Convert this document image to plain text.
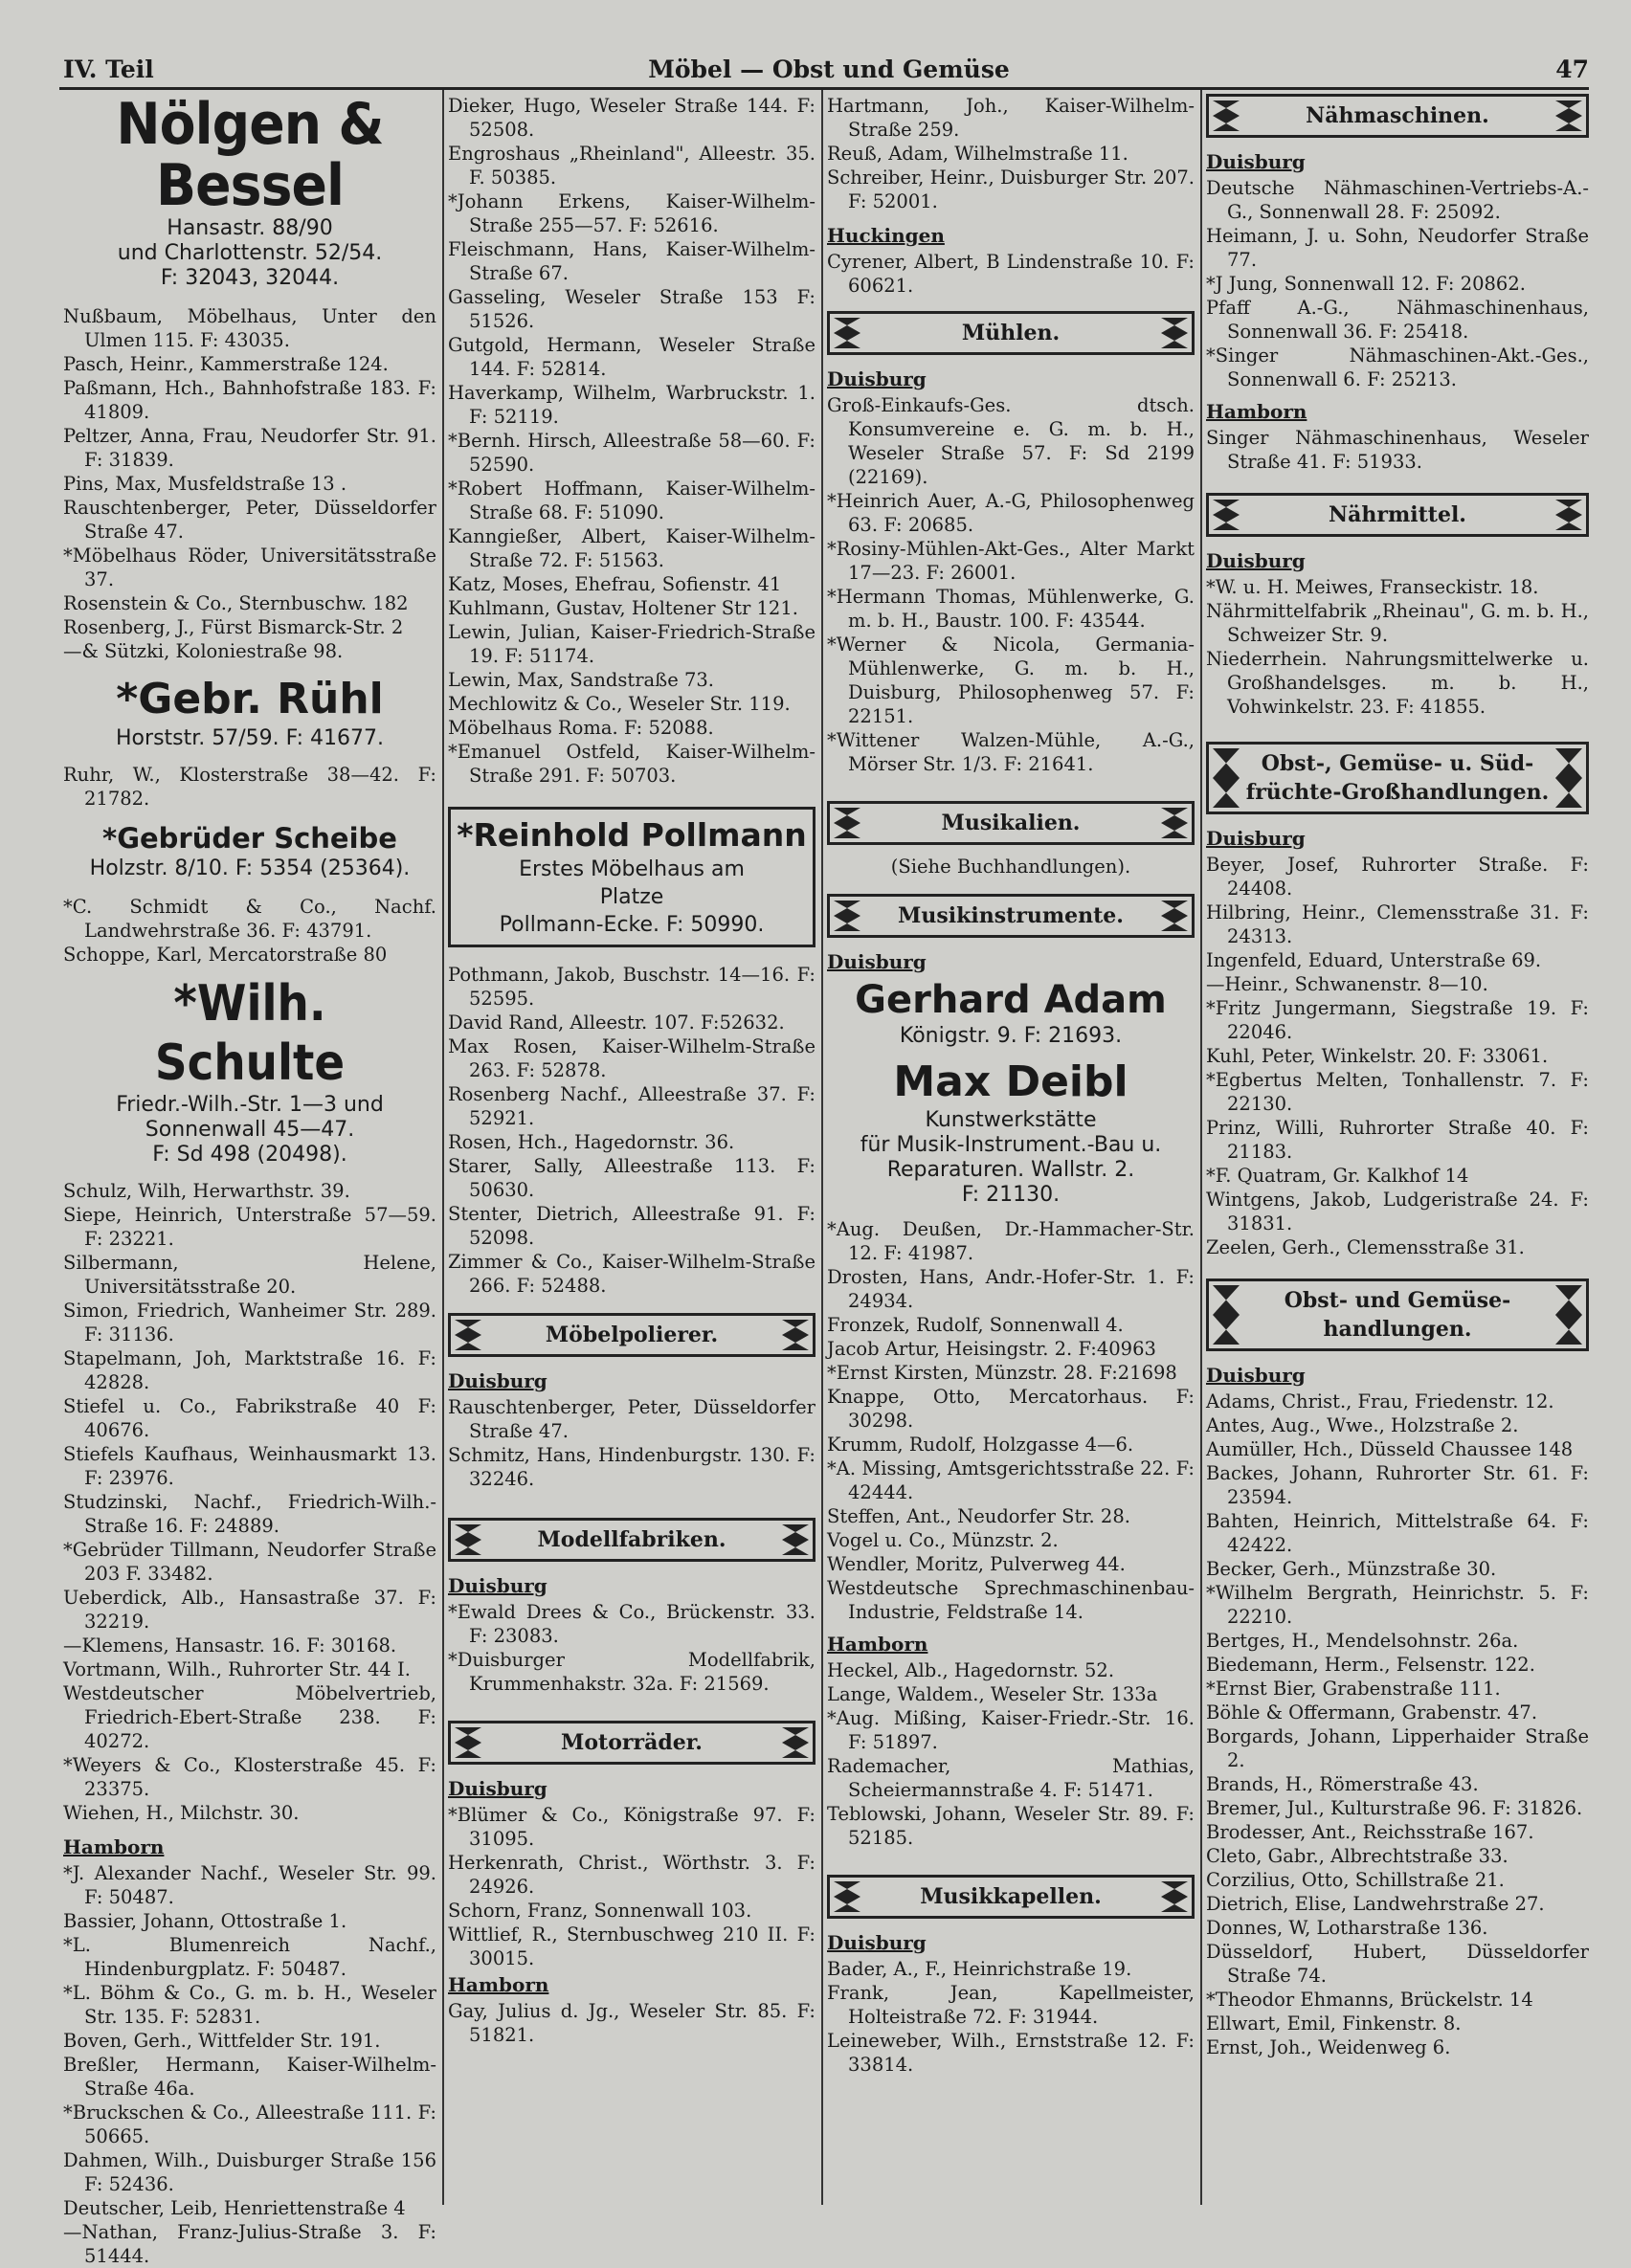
IV. Teil	Möbel — Obst und Gemüse	47

Nölgen & Bessel

Hansastr. 88/90

und Charlottenstr. 52/54.

F: 32043, 32044.

Nußbaum, Möbelhaus, Unter den Ulmen 115. F: 43035.

Pasch, Heinr., Kammerstraße 124.

Paßmann, Hch., Bahnhofstraße 183. F: 41809.

Peltzer, Anna, Frau, Neudorfer Str. 91. F: 31839.

Pins, Max, Musfeldstraße 13 .

Rauschtenberger, Peter, Düsseldorfer Straße 47.

*Möbelhaus Röder, Universitätsstraße 37.

Rosenstein & Co., Sternbuschw. 182

Rosenberg, J., Fürst Bismarck-Str. 2

—& Sützki, Koloniestraße 98.

*Gebr. Rühl

Horststr. 57/59. F: 41677.

Ruhr, W., Klosterstraße 38—42. F: 21782.

*Gebrüder Scheibe

Holzstr. 8/10. F: 5354 (25364).

*C. Schmidt & Co., Nachf. Landwehrstraße 36. F: 43791.

Schoppe, Karl, Mercatorstraße 80

*Wilh. Schulte

Friedr.-Wilh.-Str. 1—3 und

Sonnenwall 45—47.

F: Sd 498 (20498).

Schulz, Wilh, Herwarthstr. 39.

Siepe, Heinrich, Unterstraße 57—59. F: 23221.

Silbermann, Helene, Universitätsstraße 20.

Simon, Friedrich, Wanheimer Str. 289. F: 31136.

Stapelmann, Joh, Marktstraße 16. F: 42828.

Stiefel u. Co., Fabrikstraße 40 F: 40676.

Stiefels Kaufhaus, Weinhausmarkt 13. F: 23976.

Studzinski, Nachf., Friedrich-Wilh.-Straße 16. F: 24889.

*Gebrüder Tillmann, Neudorfer Straße 203 F. 33482.

Ueberdick, Alb., Hansastraße 37. F: 32219.

—Klemens, Hansastr. 16. F: 30168.

Vortmann, Wilh., Ruhrorter Str. 44 I.

Westdeutscher Möbelvertrieb, Friedrich-Ebert-Straße 238. F: 40272.

*Weyers & Co., Klosterstraße 45. F: 23375.

Wiehen, H., Milchstr. 30.

Hamborn

*J. Alexander Nachf., Weseler Str. 99. F: 50487.

Bassier, Johann, Ottostraße 1.

*L. Blumenreich Nachf., Hindenburgplatz. F: 50487.

*L. Böhm & Co., G. m. b. H., Weseler Str. 135. F: 52831.

Boven, Gerh., Wittfelder Str. 191.

Breßler, Hermann, Kaiser-Wilhelm-Straße 46a.

*Bruckschen & Co., Alleestraße 111. F: 50665.

Dahmen, Wilh., Duisburger Straße 156 F: 52436.

Deutscher, Leib, Henriettenstraße 4

—Nathan, Franz-Julius-Straße 3. F: 51444.

Dieker, Hugo, Weseler Straße 144. F: 52508.

Engroshaus „Rheinland", Alleestr. 35. F. 50385.

*Johann Erkens, Kaiser-Wilhelm-Straße 255—57. F: 52616.

Fleischmann, Hans, Kaiser-Wilhelm-Straße 67.

Gasseling, Weseler Straße 153 F: 51526.

Gutgold, Hermann, Weseler Straße 144. F: 52814.

Haverkamp, Wilhelm, Warbruckstr. 1. F: 52119.

*Bernh. Hirsch, Alleestraße 58—60. F: 52590.

*Robert Hoffmann, Kaiser-Wilhelm-Straße 68. F: 51090.

Kanngießer, Albert, Kaiser-Wilhelm-Straße 72. F: 51563.

Katz, Moses, Ehefrau, Sofienstr. 41

Kuhlmann, Gustav, Holtener Str 121.

Lewin, Julian, Kaiser-Friedrich-Straße 19. F: 51174.

Lewin, Max, Sandstraße 73.

Mechlowitz & Co., Weseler Str. 119.

Möbelhaus Roma. F: 52088.

*Emanuel Ostfeld, Kaiser-Wilhelm-Straße 291. F: 50703.

*Reinhold Pollmann

Erstes Möbelhaus am

Platze

Pollmann-Ecke. F: 50990.

Pothmann, Jakob, Buschstr. 14—16. F: 52595.

David Rand, Alleestr. 107. F:52632.

Max Rosen, Kaiser-Wilhelm-Straße 263. F: 52878.

Rosenberg Nachf., Alleestraße 37. F: 52921.

Rosen, Hch., Hagedornstr. 36.

Starer, Sally, Alleestraße 113. F: 50630.

Stenter, Dietrich, Alleestraße 91. F: 52098.

Zimmer & Co., Kaiser-Wilhelm-Straße 266. F: 52488.

Möbelpolierer.

Duisburg

Rauschtenberger, Peter, Düsseldorfer Straße 47.

Schmitz, Hans, Hindenburgstr. 130. F: 32246.

Modellfabriken.

Duisburg

*Ewald Drees & Co., Brückenstr. 33. F: 23083.

*Duisburger Modellfabrik, Krummenhakstr. 32a. F: 21569.

Motorräder.

Duisburg

*Blümer & Co., Königstraße 97. F: 31095.

Herkenrath, Christ., Wörthstr. 3. F: 24926.

Schorn, Franz, Sonnenwall 103.

Wittlief, R., Sternbuschweg 210 II. F: 30015.

Hamborn

Gay, Julius d. Jg., Weseler Str. 85. F: 51821.

Hartmann, Joh., Kaiser-Wilhelm-Straße 259.

Reuß, Adam, Wilhelmstraße 11.

Schreiber, Heinr., Duisburger Str. 207. F: 52001.

Huckingen

Cyrener, Albert, B Lindenstraße 10. F: 60621.

Mühlen.

Duisburg

Groß-Einkaufs-Ges. dtsch. Konsumvereine e. G. m. b. H., Weseler Straße 57. F: Sd 2199 (22169).

*Heinrich Auer, A.-G, Philosophenweg 63. F: 20685.

*Rosiny-Mühlen-Akt-Ges., Alter Markt 17—23. F: 26001.

*Hermann Thomas, Mühlenwerke, G. m. b. H., Baustr. 100. F: 43544.

*Werner & Nicola, Germania-Mühlenwerke, G. m. b. H., Duisburg, Philosophenweg 57. F: 22151.

*Wittener Walzen-Mühle, A.-G., Mörser Str. 1/3. F: 21641.

Musikalien.

(Siehe Buchhandlungen).

Musikinstrumente.

Duisburg

Gerhard Adam

Königstr. 9. F: 21693.

Max Deibl

Kunstwerkstätte

für Musik-Instrument.-Bau u.

Reparaturen. Wallstr. 2.

F: 21130.

*Aug. Deußen, Dr.-Hammacher-Str. 12. F: 41987.

Drosten, Hans, Andr.-Hofer-Str. 1. F: 24934.

Fronzek, Rudolf, Sonnenwall 4.

Jacob Artur, Heisingstr. 2. F:40963

*Ernst Kirsten, Münzstr. 28. F:21698

Knappe, Otto, Mercatorhaus. F: 30298.

Krumm, Rudolf, Holzgasse 4—6.

*A. Missing, Amtsgerichtsstraße 22. F: 42444.

Steffen, Ant., Neudorfer Str. 28.

Vogel u. Co., Münzstr. 2.

Wendler, Moritz, Pulverweg 44.

Westdeutsche Sprechmaschinenbau-Industrie, Feldstraße 14.

Hamborn

Heckel, Alb., Hagedornstr. 52.

Lange, Waldem., Weseler Str. 133a

*Aug. Mißing, Kaiser-Friedr.-Str. 16. F: 51897.

Rademacher, Mathias, Scheiermannstraße 4. F: 51471.

Teblowski, Johann, Weseler Str. 89. F: 52185.

Musikkapellen.

Duisburg

Bader, A., F., Heinrichstraße 19.

Frank, Jean, Kapellmeister, Holteistraße 72. F: 31944.

Leineweber, Wilh., Ernststraße 12. F: 33814.

Nähmaschinen.

Duisburg

Deutsche Nähmaschinen-Vertriebs-A.-G., Sonnenwall 28. F: 25092.

Heimann, J. u. Sohn, Neudorfer Straße 77.

*J Jung, Sonnenwall 12. F: 20862.

Pfaff A.-G., Nähmaschinenhaus, Sonnenwall 36. F: 25418.

*Singer Nähmaschinen-Akt.-Ges., Sonnenwall 6. F: 25213.

Hamborn

Singer Nähmaschinenhaus, Weseler Straße 41. F: 51933.

Nährmittel.

Duisburg

*W. u. H. Meiwes, Franseckistr. 18.

Nährmittelfabrik „Rheinau", G. m. b. H., Schweizer Str. 9.

Niederrhein. Nahrungsmittelwerke u. Großhandelsges. m. b. H., Vohwinkelstr. 23. F: 41855.

Obst-, Gemüse- u. Süd-
früchte-Großhandlungen.

Duisburg

Beyer, Josef, Ruhrorter Straße. F: 24408.

Hilbring, Heinr., Clemensstraße 31. F: 24313.

Ingenfeld, Eduard, Unterstraße 69.

—Heinr., Schwanenstr. 8—10.

*Fritz Jungermann, Siegstraße 19. F: 22046.

Kuhl, Peter, Winkelstr. 20. F: 33061.

*Egbertus Melten, Tonhallenstr. 7. F: 22130.

Prinz, Willi, Ruhrorter Straße 40. F: 21183.

*F. Quatram, Gr. Kalkhof 14

Wintgens, Jakob, Ludgeristraße 24. F: 31831.

Zeelen, Gerh., Clemensstraße 31.

Obst- und Gemüse-
handlungen.

Duisburg

Adams, Christ., Frau, Friedenstr. 12.

Antes, Aug., Wwe., Holzstraße 2.

Aumüller, Hch., Düsseld Chaussee 148

Backes, Johann, Ruhrorter Str. 61. F: 23594.

Bahten, Heinrich, Mittelstraße 64. F: 42422.

Becker, Gerh., Münzstraße 30.

*Wilhelm Bergrath, Heinrichstr. 5. F: 22210.

Bertges, H., Mendelsohnstr. 26a.

Biedemann, Herm., Felsenstr. 122.

*Ernst Bier, Grabenstraße 111.

Böhle & Offermann, Grabenstr. 47.

Borgards, Johann, Lipperhaider Straße 2.

Brands, H., Römerstraße 43.

Bremer, Jul., Kulturstraße 96. F: 31826.

Brodesser, Ant., Reichsstraße 167.

Cleto, Gabr., Albrechtstraße 33.

Corzilius, Otto, Schillstraße 21.

Dietrich, Elise, Landwehrstraße 27.

Donnes, W, Lotharstraße 136.

Düsseldorf, Hubert, Düsseldorfer Straße 74.

*Theodor Ehmanns, Brückelstr. 14

Ellwart, Emil, Finkenstr. 8.

Ernst, Joh., Weidenweg 6.
